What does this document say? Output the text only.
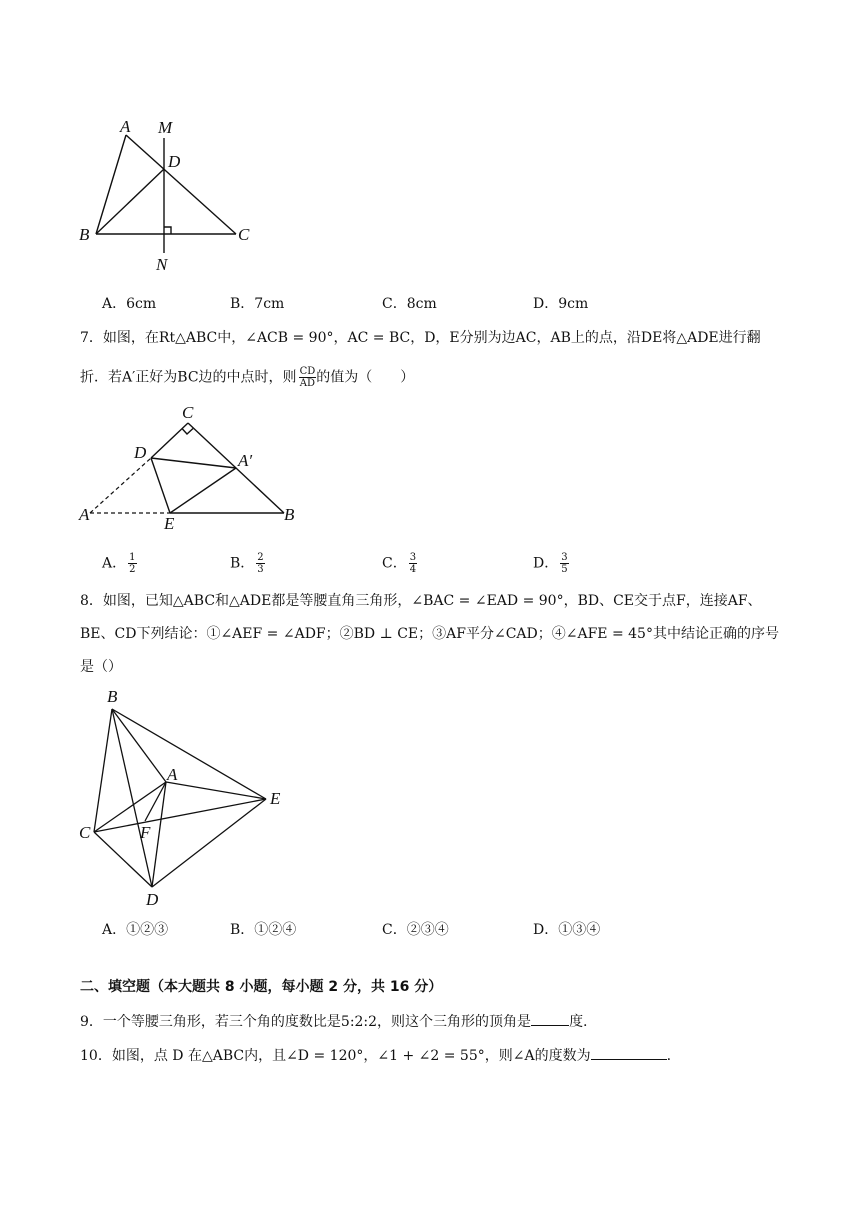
A M
D
B	C
N
A．6cm	B．7cm	C．8cm	D．9cm
7．如图，在Rt△ABC中，∠ACB = 90°，AC = BC，D，E分别为边AC，AB上的点，沿DE将△ADE进行翻
折．若A′正好为BC边的中点时，则 $\frac{CD}{AD}$ 的值为（　　）
C
D	A′
A	E	B
A． $\frac{1}{2}$	B． $\frac{2}{3}$	C． $\frac{3}{4}$	D． $\frac{3}{5}$
8．如图，已知△ABC和△ADE都是等腰直角三角形，∠BAC = ∠EAD = 90°，BD、CE交于点F，连接AF、
BE、CD下列结论：①∠AEF = ∠ADF；②BD ⊥ CE；③AF平分∠CAD；④∠AFE = 45°其中结论正确的序号
是（）
B
A
E
C	F
D
A．①②③	B．①②④	C．②③④	D．①③④
二、填空题（本大题共 8 小题，每小题 2 分，共 16 分）
9．一个等腰三角形，若三个角的度数比是5:2:2，则这个三角形的顶角是	度.
10．如图，点 D 在△ABC内，且∠D = 120°，∠1 + ∠2 = 55°，则∠A的度数为	.
